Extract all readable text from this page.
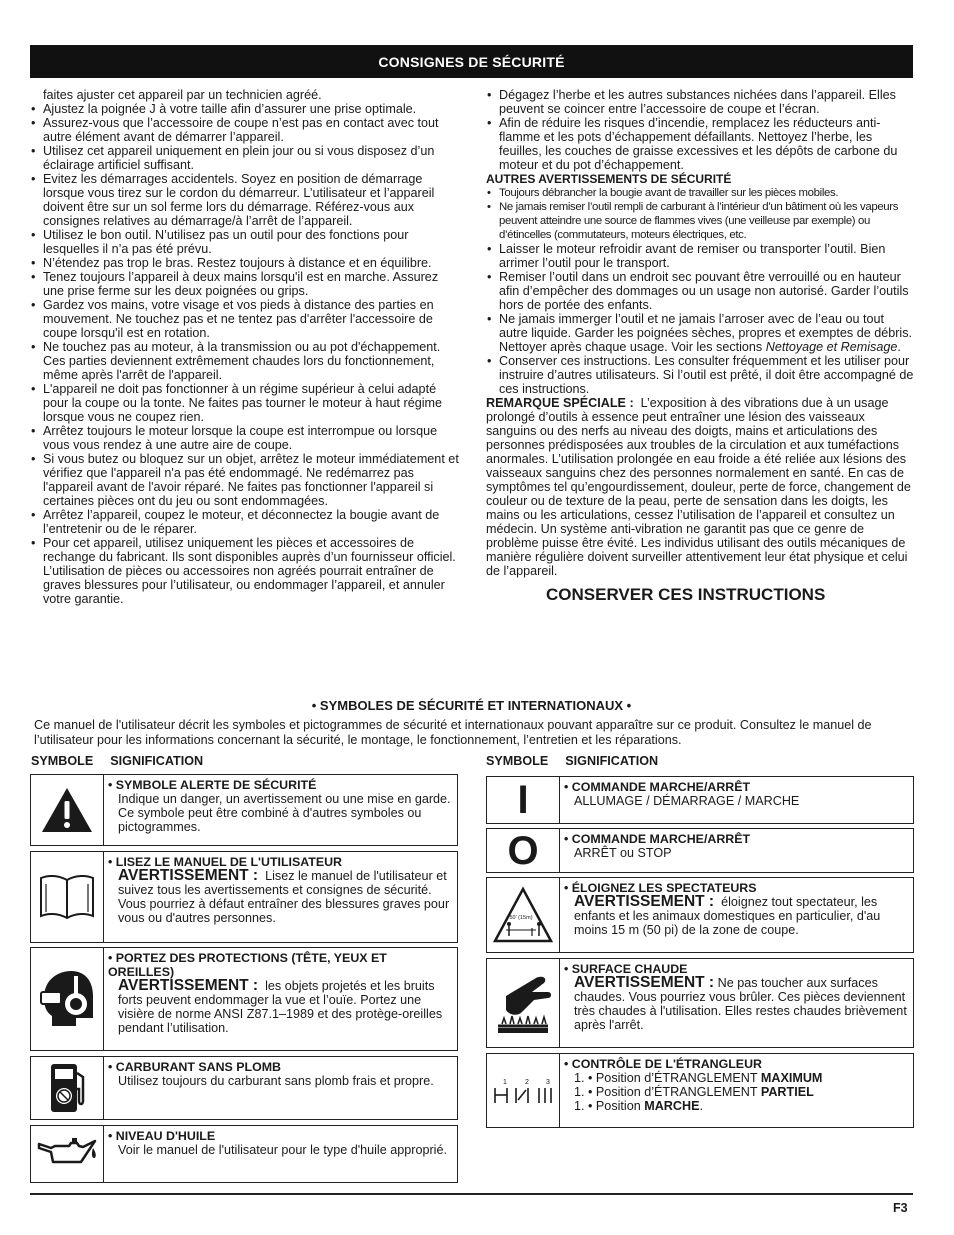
CONSIGNES DE SÉCURITÉ
faites ajuster cet appareil par un technicien agréé.
• Ajustez la poignée J à votre taille afin d’assurer une prise optimale.
• Assurez-vous que l’accessoire de coupe n’est pas en contact avec tout autre élément avant de démarrer l’appareil.
• Utilisez cet appareil uniquement en plein jour ou si vous disposez d’un éclairage artificiel suffisant.
• Evitez les démarrages accidentels. Soyez en position de démarrage lorsque vous tirez sur le cordon du démarreur. L’utilisateur et l’appareil doivent être sur un sol ferme lors du démarrage. Référez-vous aux consignes relatives au démarrage/à l’arrêt de l’appareil.
• Utilisez le bon outil. N’utilisez pas un outil pour des fonctions pour lesquelles il n’a pas été prévu.
• N’étendez pas trop le bras. Restez toujours à distance et en équilibre.
• Tenez toujours l’appareil à deux mains lorsqu'il est en marche. Assurez une prise ferme sur les deux poignées ou grips.
• Gardez vos mains, votre visage et vos pieds à distance des parties en mouvement. Ne touchez pas et ne tentez pas d'arrêter l'accessoire de coupe lorsqu'il est en rotation.
• Ne touchez pas au moteur, à la transmission ou au pot d'échappement. Ces parties deviennent extrêmement chaudes lors du fonctionnement, même après l'arrêt de l'appareil.
• L'appareil ne doit pas fonctionner à un régime supérieur à celui adapté pour la coupe ou la tonte. Ne faites pas tourner le moteur à haut régime lorsque vous ne coupez rien.
• Arrêtez toujours le moteur lorsque la coupe est interrompue ou lorsque vous vous rendez à une autre aire de coupe.
• Si vous butez ou bloquez sur un objet, arrêtez le moteur immédiatement et vérifiez que l'appareil n'a pas été endommagé. Ne redémarrez pas l'appareil avant de l'avoir réparé. Ne faites pas fonctionner l'appareil si certaines pièces ont du jeu ou sont endommagées.
• Arrêtez l’appareil, coupez le moteur, et déconnectez la bougie avant de l’entretenir ou de le réparer.
• Pour cet appareil, utilisez uniquement les pièces et accessoires de rechange du fabricant. Ils sont disponibles auprès d’un fournisseur officiel. L’utilisation de pièces ou accessoires non agréés pourrait entraîner de graves blessures pour l’utilisateur, ou endommager l’appareil, et annuler votre garantie.
• Dégagez l’herbe et les autres substances nichées dans l’appareil. Elles peuvent se coincer entre l’accessoire de coupe et l’écran.
• Afin de réduire les risques d’incendie, remplacez les réducteurs anti-flamme et les pots d’échappement défaillants. Nettoyez l’herbe, les feuilles, les couches de graisse excessives et les dépôts de carbone du moteur et du pot d’échappement.
AUTRES AVERTISSEMENTS DE SÉCURITÉ
• Toujours débrancher la bougie avant de travailler sur les pièces mobiles.
• Ne jamais remiser l’outil rempli de carburant à l’intérieur d’un bâtiment où les vapeurs peuvent atteindre une source de flammes vives (une veilleuse par exemple) ou d’étincelles (commutateurs, moteurs électriques, etc.
• Laisser le moteur refroidir avant de remiser ou transporter l’outil. Bien arrimer l’outil pour le transport.
• Remiser l’outil dans un endroit sec pouvant être verrouillé ou en hauteur afin d’empêcher des dommages ou un usage non autorisé. Garder l’outils hors de portée des enfants.
• Ne jamais immerger l’outil et ne jamais l’arroser avec de l’eau ou tout autre liquide. Garder les poignées sèches, propres et exemptes de débris. Nettoyer après chaque usage. Voir les sections Nettoyage et Remisage.
• Conserver ces instructions. Les consulter fréquemment et les utiliser pour instruire d’autres utilisateurs. Si l’outil est prêté, il doit être accompagné de ces instructions.
REMARQUE SPÉCIALE : L’exposition à des vibrations due à un usage prolongé d’outils à essence peut entraîner une lésion des vaisseaux sanguins ou des nerfs au niveau des doigts, mains et articulations des personnes prédisposées aux troubles de la circulation et aux tuméfactions anormales. L’utilisation prolongée en eau froide a été reliée aux lésions des vaisseaux sanguins chez des personnes normalement en santé. En cas de symptômes tel qu’engourdissement, douleur, perte de force, changement de couleur ou de texture de la peau, perte de sensation dans les doigts, les mains ou les articulations, cessez l’utilisation de l’appareil et consultez un médecin. Un système anti-vibration ne garantit pas que ce genre de problème puisse être évité. Les individus utilisant des outils mécaniques de manière régulière doivent surveiller attentivement leur état physique et celui de l’appareil.
CONSERVER CES INSTRUCTIONS
• SYMBOLES DE SÉCURITÉ ET INTERNATIONAUX •
Ce manuel de l'utilisateur décrit les symboles et pictogrammes de sécurité et internationaux pouvant apparaître sur ce produit. Consultez le manuel de l’utilisateur pour les informations concernant la sécurité, le montage, le fonctionnement, l’entretien et les réparations.
SYMBOLE SIGNIFICATION	SYMBOLE SIGNIFICATION
• SYMBOLE ALERTE DE SÉCURITÉ
Indique un danger, un avertissement ou une mise en garde. Ce symbole peut être combiné à d'autres symboles ou pictogrammes.
• LISEZ LE MANUEL DE L'UTILISATEUR
AVERTISSEMENT : Lisez le manuel de l'utilisateur et suivez tous les avertissements et consignes de sécurité. Vous pourriez à défaut entraîner des blessures graves pour vous ou d'autres personnes.
• PORTEZ DES PROTECTIONS (TÊTE, YEUX ET OREILLES)
AVERTISSEMENT : les objets projetés et les bruits forts peuvent endommager la vue et l’ouïe. Portez une visière de norme ANSI Z87.1–1989 et des protège-oreilles pendant l’utilisation.
• CARBURANT SANS PLOMB
Utilisez toujours du carburant sans plomb frais et propre.
• NIVEAU D'HUILE
Voir le manuel de l'utilisateur pour le type d'huile approprié.
I	• COMMANDE MARCHE/ARRÊT
ALLUMAGE / DÉMARRAGE / MARCHE
O • COMMANDE MARCHE/ARRÊT
ARRÊT ou STOP
50' (15m)
• ÉLOIGNEZ LES SPECTATEURS
AVERTISSEMENT : éloignez tout spectateur, les enfants et les animaux domestiques en particulier, d'au moins 15 m (50 pi) de la zone de coupe.
• SURFACE CHAUDE
AVERTISSEMENT : Ne pas toucher aux surfaces chaudes. Vous pourriez vous brûler. Ces pièces deviennent très chaudes à l'utilisation. Elles restes chaudes brièvement après l'arrêt.
1	2 3
• CONTRÔLE DE L'ÉTRANGLEUR
1. • Position d’ÉTRANGLEMENT MAXIMUM
1. • Position d’ÉTRANGLEMENT PARTIEL
1. • Position MARCHE.
F3
